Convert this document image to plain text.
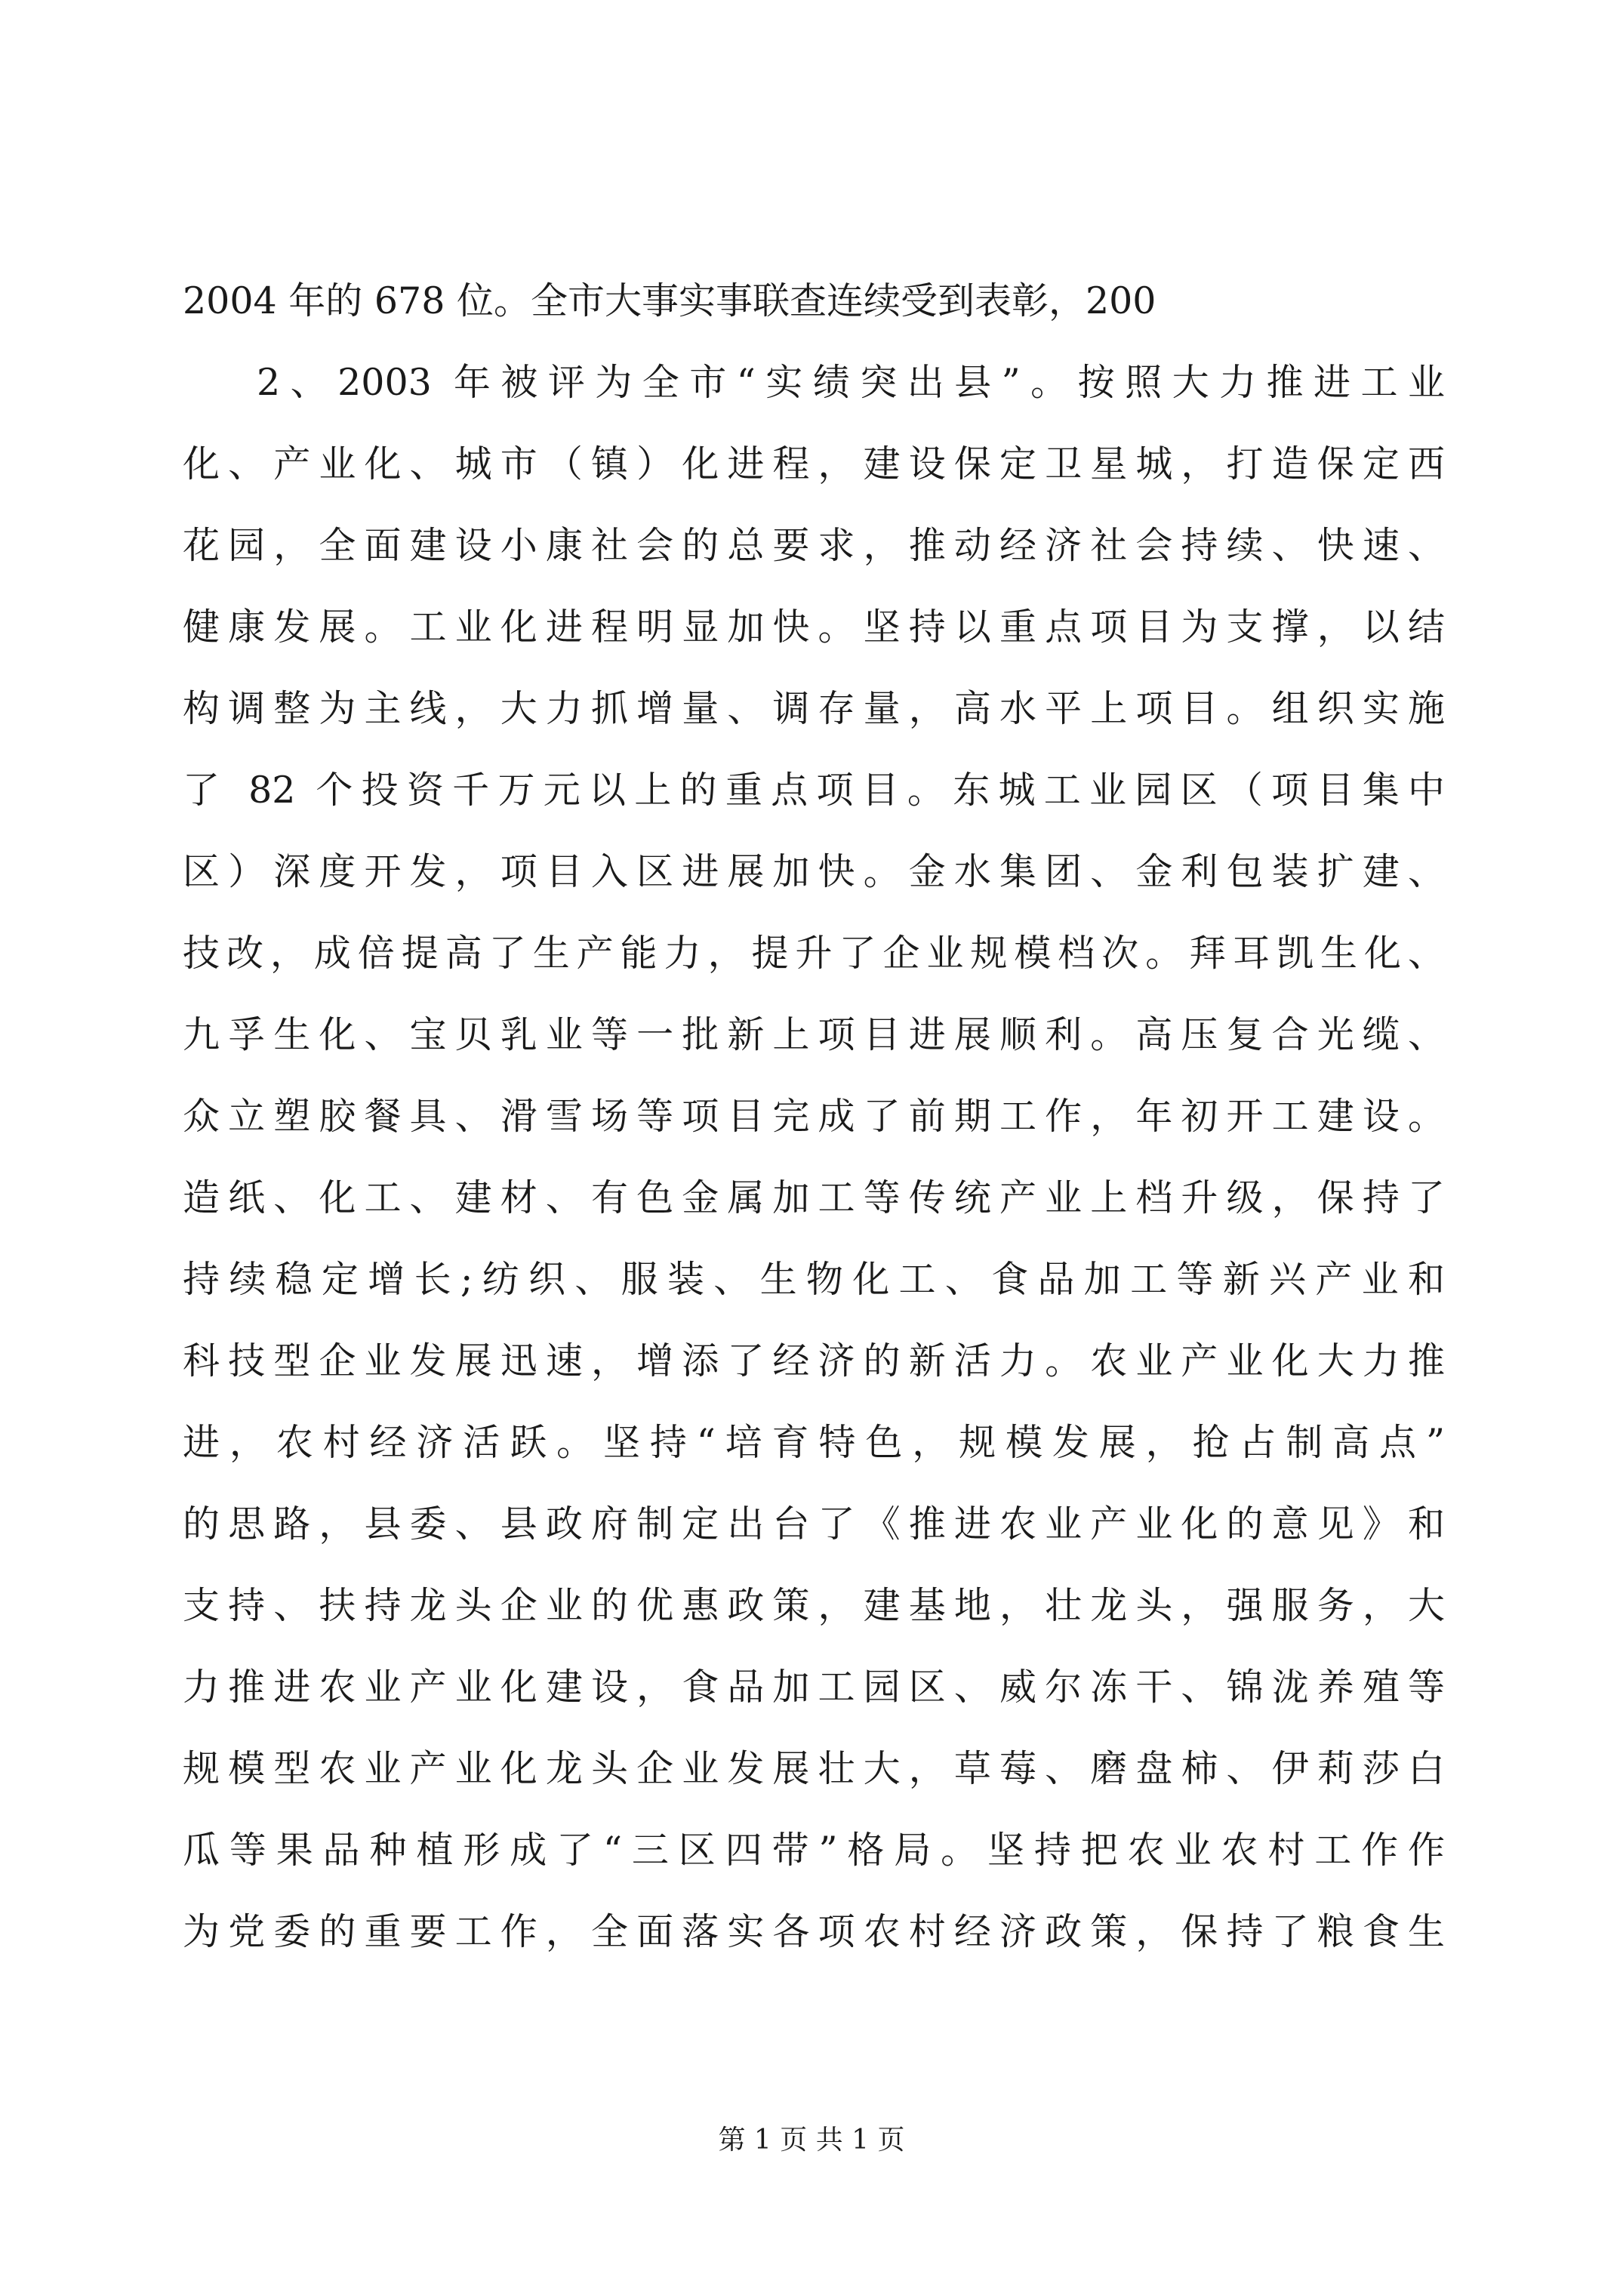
2004 年的 678 位。全市大事实事联查连续受到表彰，200
2、2003 年被评为全市“实绩突出县”。按照大力推进工业
化、产业化、城市（镇）化进程，建设保定卫星城，打造保定西
花园，全面建设小康社会的总要求，推动经济社会持续、快速、
健康发展。工业化进程明显加快。坚持以重点项目为支撑，以结
构调整为主线，大力抓增量、调存量，高水平上项目。组织实施
了 82 个投资千万元以上的重点项目。东城工业园区（项目集中
区）深度开发，项目入区进展加快。金水集团、金利包装扩建、
技改，成倍提高了生产能力，提升了企业规模档次。拜耳凯生化、
九孚生化、宝贝乳业等一批新上项目进展顺利。高压复合光缆、
众立塑胶餐具、滑雪场等项目完成了前期工作，年初开工建设。
造纸、化工、建材、有色金属加工等传统产业上档升级，保持了
持续稳定增长;纺织、服装、生物化工、食品加工等新兴产业和
科技型企业发展迅速，增添了经济的新活力。农业产业化大力推
进，农村经济活跃。坚持“培育特色，规模发展，抢占制高点”
的思路，县委、县政府制定出台了《推进农业产业化的意见》和
支持、扶持龙头企业的优惠政策，建基地，壮龙头，强服务，大
力推进农业产业化建设，食品加工园区、威尔冻干、锦泷养殖等
规模型农业产业化龙头企业发展壮大，草莓、磨盘柿、伊莉莎白
瓜等果品种植形成了“三区四带”格局。坚持把农业农村工作作
为党委的重要工作，全面落实各项农村经济政策，保持了粮食生
第 1 页 共 1 页
